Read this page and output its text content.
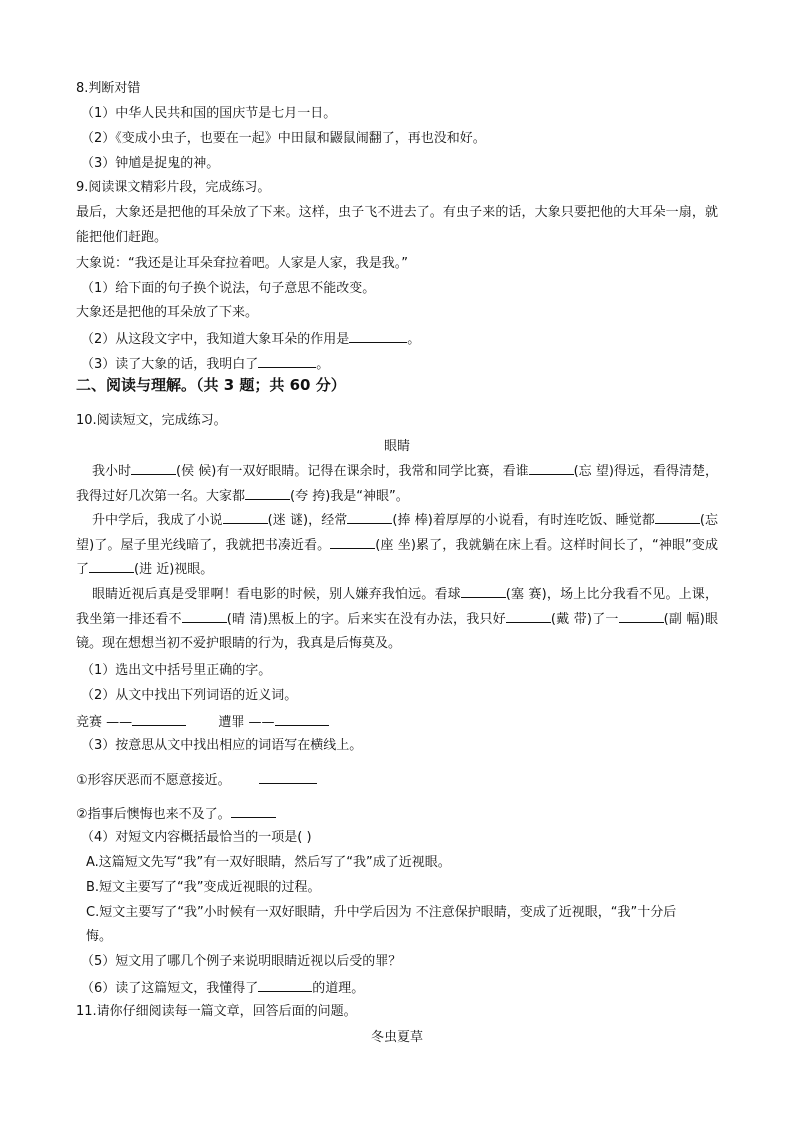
8.判断对错
（1）中华人民共和国的国庆节是七月一日。
（2）《变成小虫子，也要在一起》中田鼠和鼹鼠闹翻了，再也没和好。
（3）钟馗是捉鬼的神。
9.阅读课文精彩片段，完成练习。
最后，大象还是把他的耳朵放了下来。这样，虫子飞不进去了。有虫子来的话，大象只要把他的大耳朵一扇，就能把他们赶跑。
大象说：“我还是让耳朵耷拉着吧。人家是人家，我是我。”
（1）给下面的句子换个说法，句子意思不能改变。
大象还是把他的耳朵放了下来。
（2）从这段文字中，我知道大象耳朵的作用是	。
（3）读了大象的话，我明白了	。
二、阅读与理解。（共 3 题；共 60 分）
10.阅读短文，完成练习。
眼睛
我小时	(侯 候)有一双好眼睛。记得在课余时，我常和同学比赛，看谁	(忘 望)得远，看得清楚，我得过好几次第一名。大家都	(夸 挎)我是“神眼”。
升中学后，我成了小说	(迷 谜)，经常	(捧 棒)着厚厚的小说看，有时连吃饭、睡觉都	(忘 望)了。屋子里光线暗了，我就把书凑近看。	(座 坐)累了，我就躺在床上看。这样时间长了，“神眼”变成了	(进 近)视眼。
眼睛近视后真是受罪啊！看电影的时候，别人嫌弃我怕远。看球	(塞 赛)，场上比分我看不见。上课，我坐第一排还看不	(晴 清)黑板上的字。后来实在没有办法，我只好	(戴 带)了一	(副 幅)眼镜。现在想想当初不爱护眼睛的行为，我真是后悔莫及。
（1）选出文中括号里正确的字。
（2）从文中找出下列词语的近义词。
竞赛 ——	遭罪 ——
（3）按意思从文中找出相应的词语写在横线上。
①形容厌恶而不愿意接近。
②指事后懊悔也来不及了。
（4）对短文内容概括最恰当的一项是( )
A.这篇短文先写“我”有一双好眼睛，然后写了“我”成了近视眼。
B.短文主要写了“我”变成近视眼的过程。
C.短文主要写了“我”小时候有一双好眼睛，升中学后因为 不注意保护眼睛，变成了近视眼，“我”十分后
悔。
（5）短文用了哪几个例子来说明眼睛近视以后受的罪？
（6）读了这篇短文，我懂得了	的道理。
11.请你仔细阅读每一篇文章，回答后面的问题。
冬虫夏草
